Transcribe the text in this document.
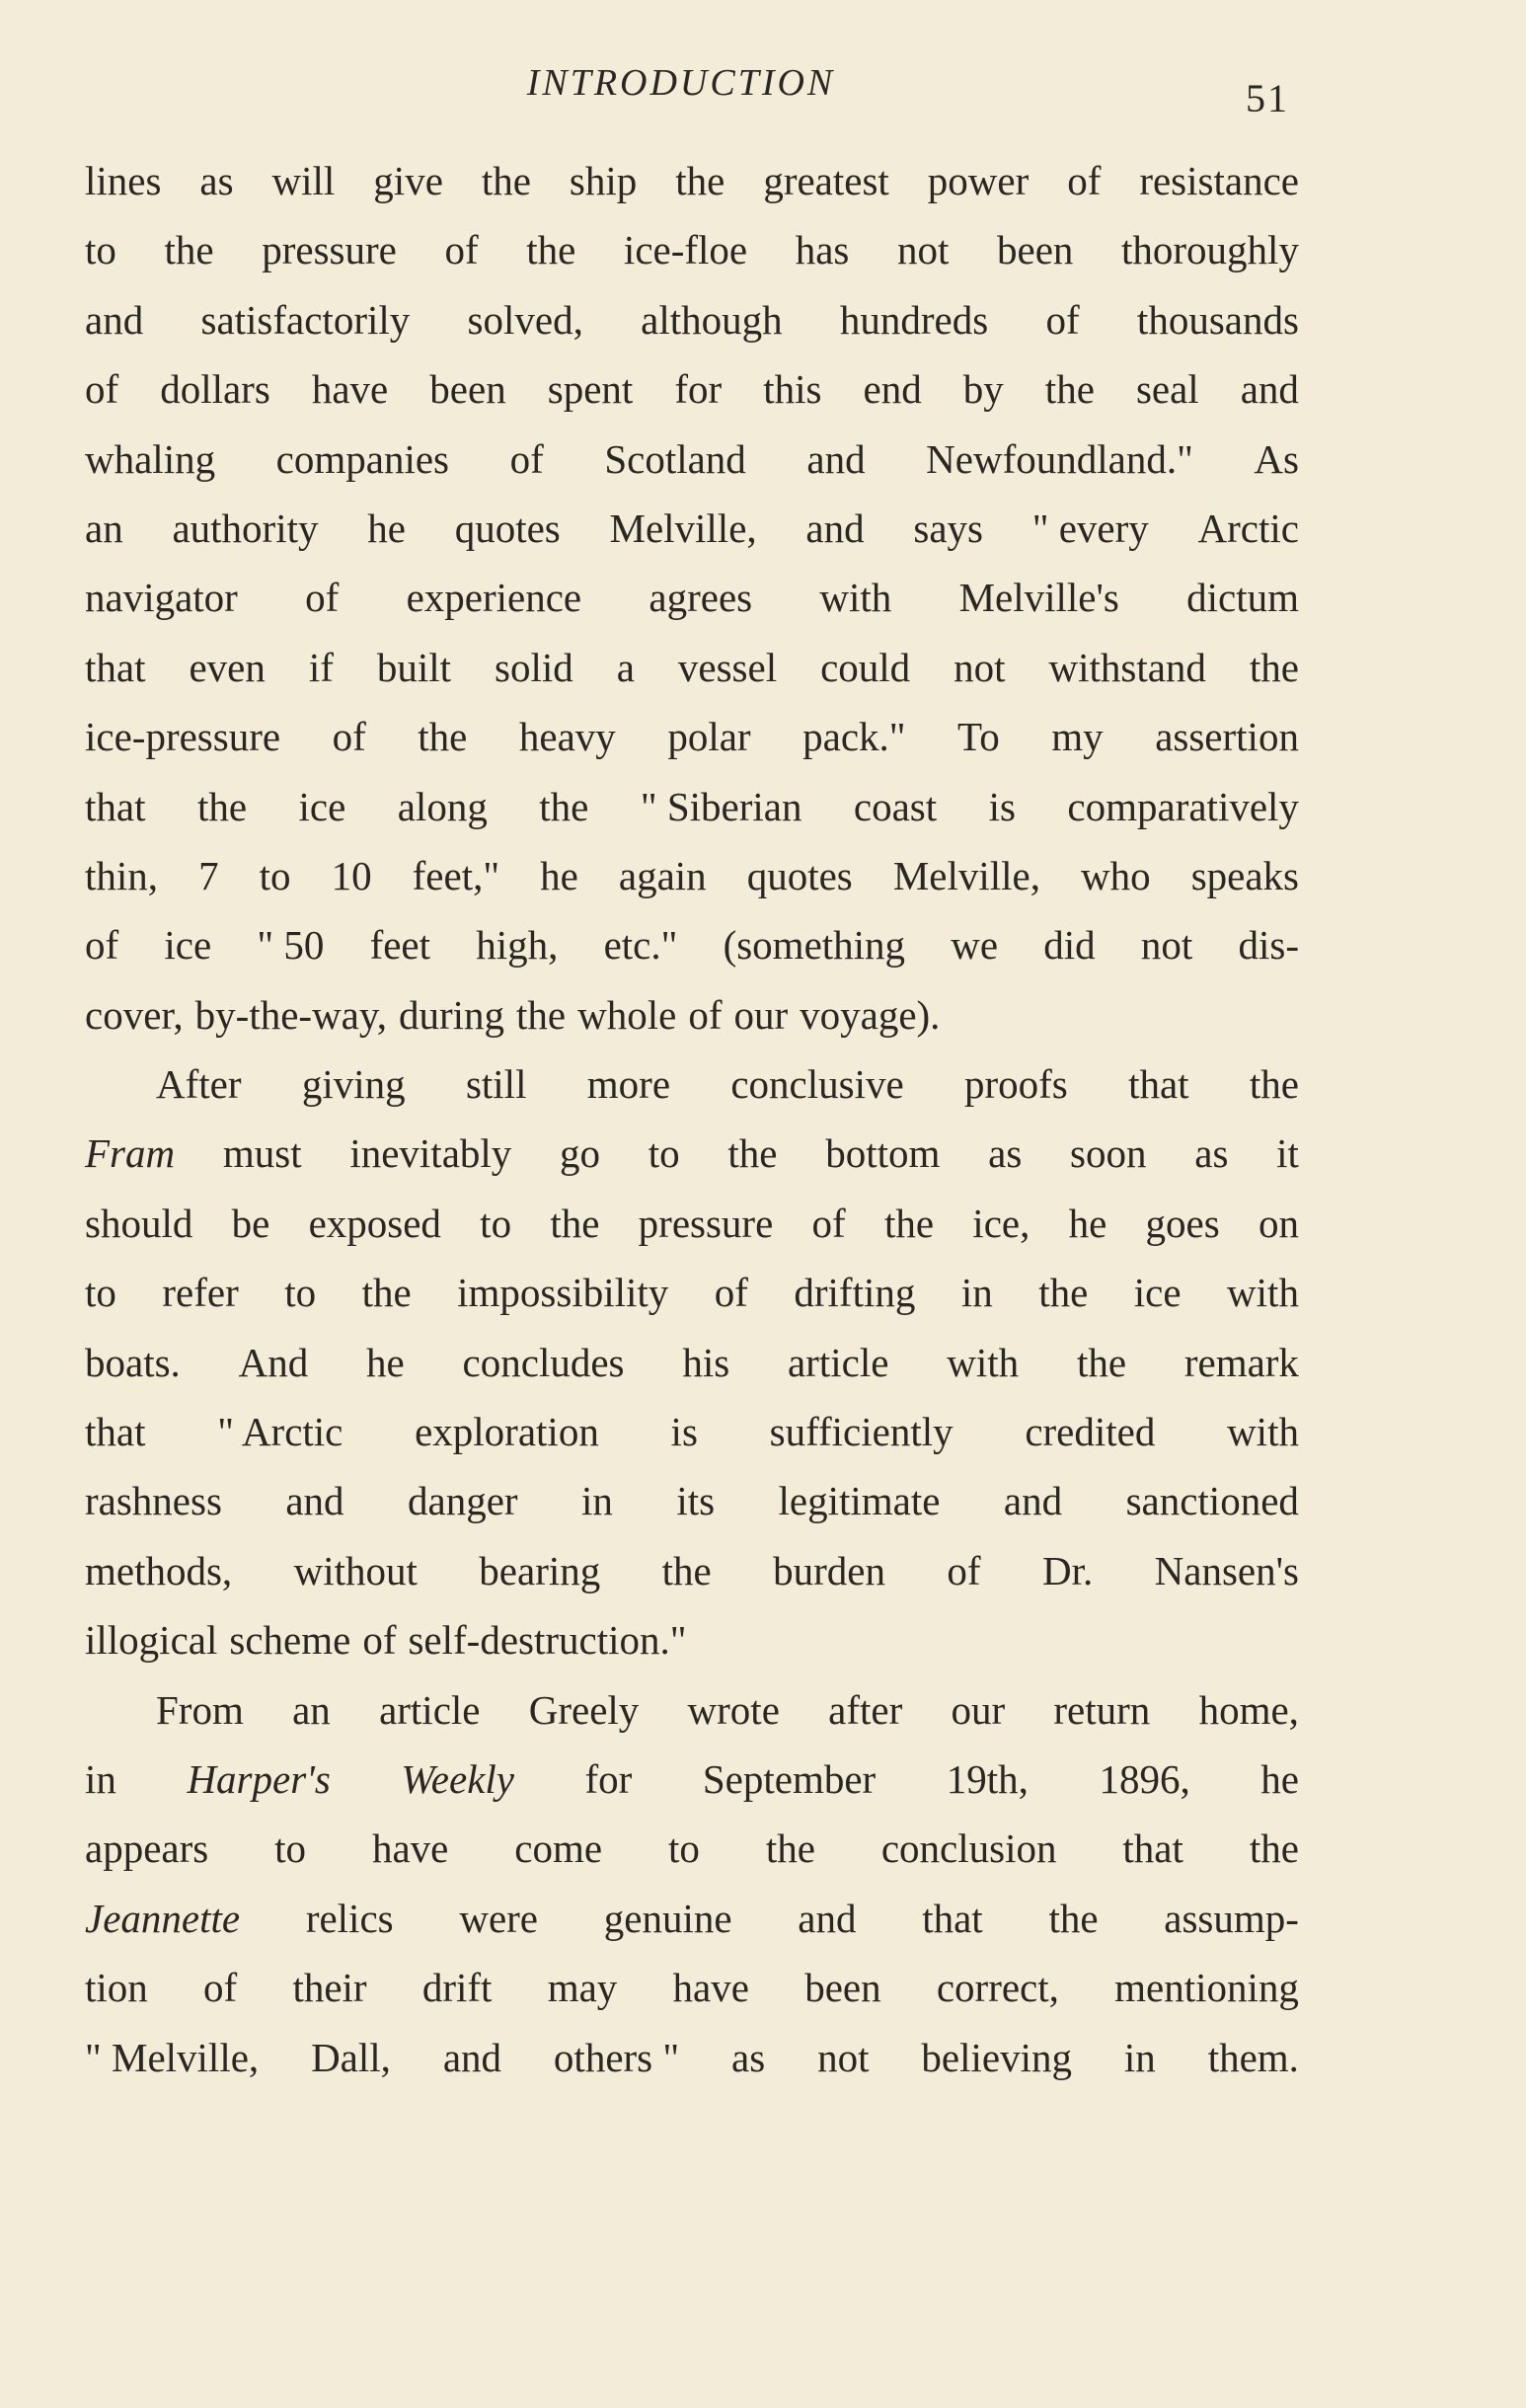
INTRODUCTION	51
lines as will give the ship the greatest power of resistance
to the pressure of the ice-floe has not been thoroughly
and satisfactorily solved, although hundreds of thousands
of dollars have been spent for this end by the seal and
whaling companies of Scotland and Newfoundland." As
an authority he quotes Melville, and says " every Arctic
navigator of experience agrees with Melville's dictum
that even if built solid a vessel could not withstand the
ice-pressure of the heavy polar pack." To my assertion
that the ice along the " Siberian coast is comparatively
thin, 7 to 10 feet," he again quotes Melville, who speaks
of ice " 50 feet high, etc." (something we did not dis-
cover, by-the-way, during the whole of our voyage).
After giving still more conclusive proofs that the
Fram must inevitably go to the bottom as soon as it
should be exposed to the pressure of the ice, he goes on
to refer to the impossibility of drifting in the ice with
boats. And he concludes his article with the remark
that " Arctic exploration is sufficiently credited with
rashness and danger in its legitimate and sanctioned
methods, without bearing the burden of Dr. Nansen's
illogical scheme of self-destruction."
From an article Greely wrote after our return home,
in Harper's Weekly for September 19th, 1896, he
appears to have come to the conclusion that the
Jeannette relics were genuine and that the assump-
tion of their drift may have been correct, mentioning
" Melville, Dall, and others " as not believing in them.
